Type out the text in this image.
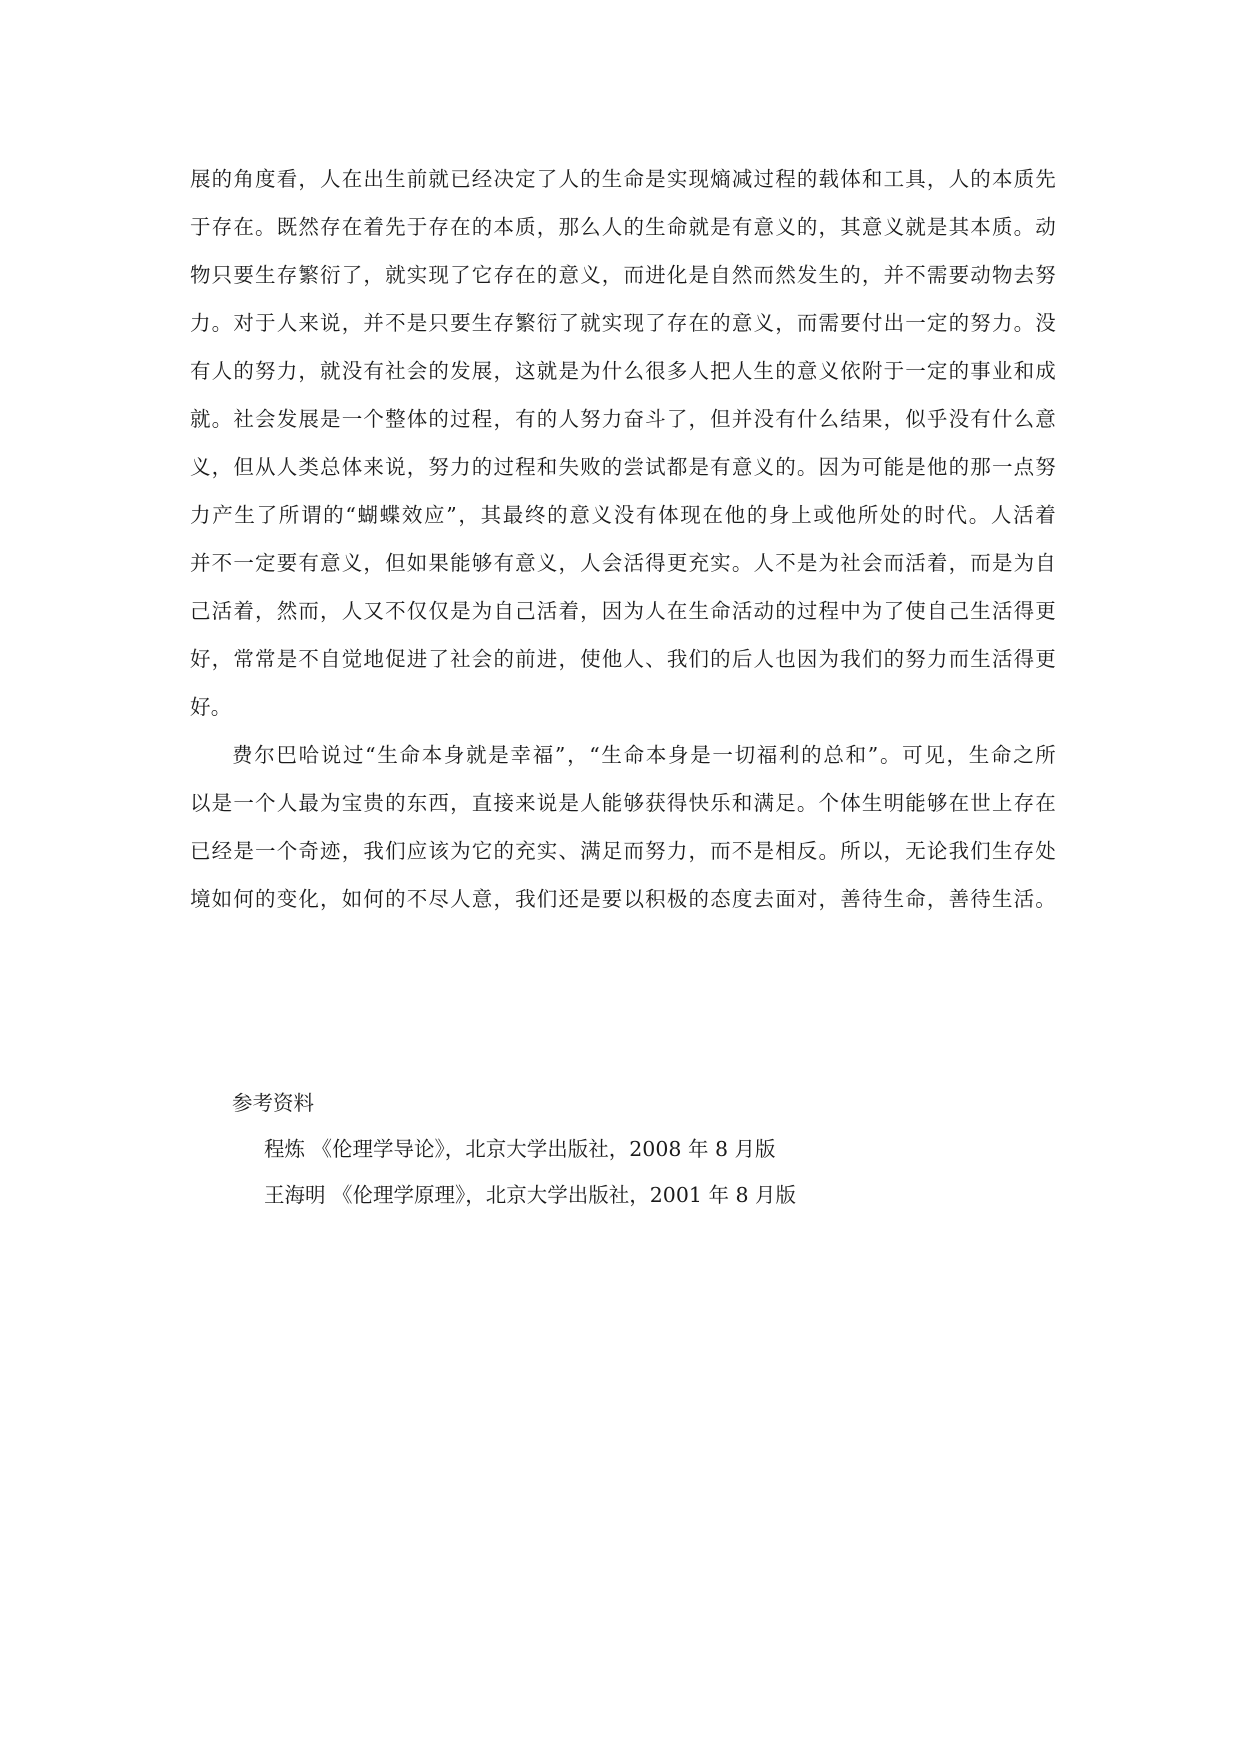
展的角度看，人在出生前就已经决定了人的生命是实现熵减过程的载体和工具，人的本质先
于存在。既然存在着先于存在的本质，那么人的生命就是有意义的，其意义就是其本质。动
物只要生存繁衍了，就实现了它存在的意义，而进化是自然而然发生的，并不需要动物去努
力。对于人来说，并不是只要生存繁衍了就实现了存在的意义，而需要付出一定的努力。没
有人的努力，就没有社会的发展，这就是为什么很多人把人生的意义依附于一定的事业和成
就。社会发展是一个整体的过程，有的人努力奋斗了，但并没有什么结果，似乎没有什么意
义，但从人类总体来说，努力的过程和失败的尝试都是有意义的。因为可能是他的那一点努
力产生了所谓的“蝴蝶效应”，其最终的意义没有体现在他的身上或他所处的时代。人活着
并不一定要有意义，但如果能够有意义，人会活得更充实。人不是为社会而活着，而是为自
己活着，然而，人又不仅仅是为自己活着，因为人在生命活动的过程中为了使自己生活得更
好，常常是不自觉地促进了社会的前进，使他人、我们的后人也因为我们的努力而生活得更
好。
费尔巴哈说过“生命本身就是幸福”，“生命本身是一切福利的总和”。可见，生命之所
以是一个人最为宝贵的东西，直接来说是人能够获得快乐和满足。个体生明能够在世上存在
已经是一个奇迹，我们应该为它的充实、满足而努力，而不是相反。所以，无论我们生存处
境如何的变化，如何的不尽人意，我们还是要以积极的态度去面对，善待生命，善待生活。
参考资料
程炼 《伦理学导论》，北京大学出版社，2008 年 8 月版
王海明 《伦理学原理》，北京大学出版社，2001 年 8 月版
